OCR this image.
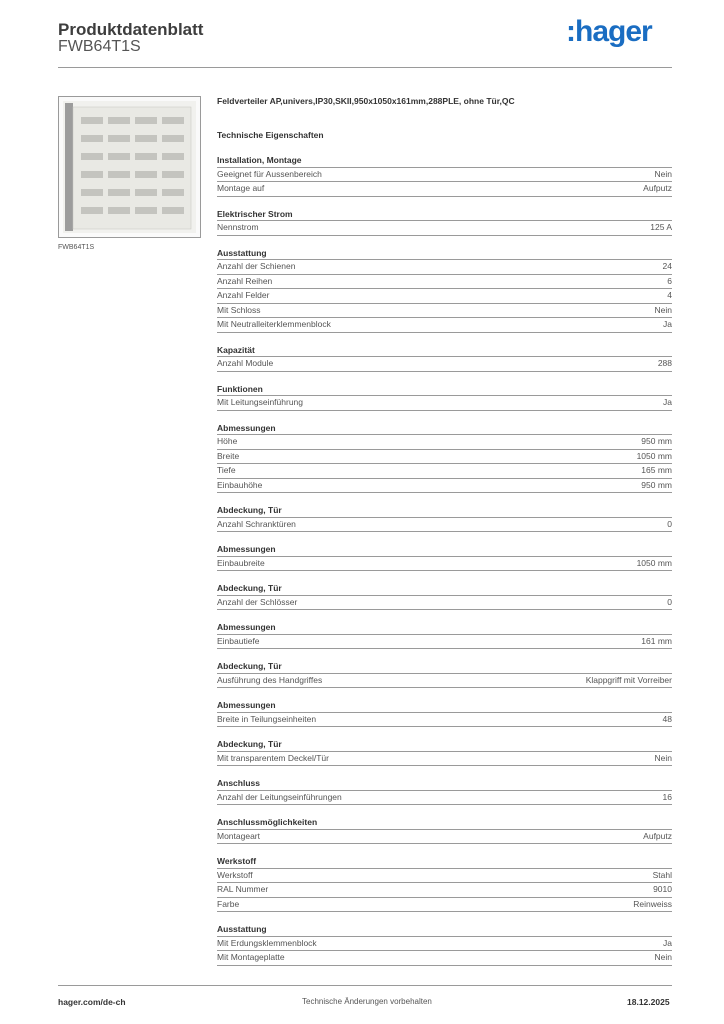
Produktdatenblatt
FWB64T1S	:hager
FWB64T1S
Feldverteiler AP,univers,IP30,SKII,950x1050x161mm,288PLE, ohne Tür,QC
Technische Eigenschaften
Installation, Montage
Geeignet für Aussenbereich	Nein
Montage auf	Aufputz
Elektrischer Strom
Nennstrom	125 A
Ausstattung
Anzahl der Schienen	24
Anzahl Reihen	6
Anzahl Felder	4
Mit Schloss	Nein
Mit Neutralleiterklemmenblock	Ja
Kapazität
Anzahl Module	288
Funktionen
Mit Leitungseinführung	Ja
Abmessungen
Höhe	950 mm
Breite	1050 mm
Tiefe	165 mm
Einbauhöhe	950 mm
Abdeckung, Tür
Anzahl Schranktüren	0
Abmessungen
Einbaubreite	1050 mm
Abdeckung, Tür
Anzahl der Schlösser	0
Abmessungen
Einbautiefe	161 mm
Abdeckung, Tür
Ausführung des Handgriffes	Klappgriff mit Vorreiber
Abmessungen
Breite in Teilungseinheiten	48
Abdeckung, Tür
Mit transparentem Deckel/Tür	Nein
Anschluss
Anzahl der Leitungseinführungen	16
Anschlussmöglichkeiten
Montageart	Aufputz
Werkstoff
Werkstoff	Stahl
RAL Nummer	9010
Farbe	Reinweiss
Ausstattung
Mit Erdungsklemmenblock	Ja
Mit Montageplatte	Nein
hager.com/de-ch	Technische Änderungen vorbehalten	18.12.2025
